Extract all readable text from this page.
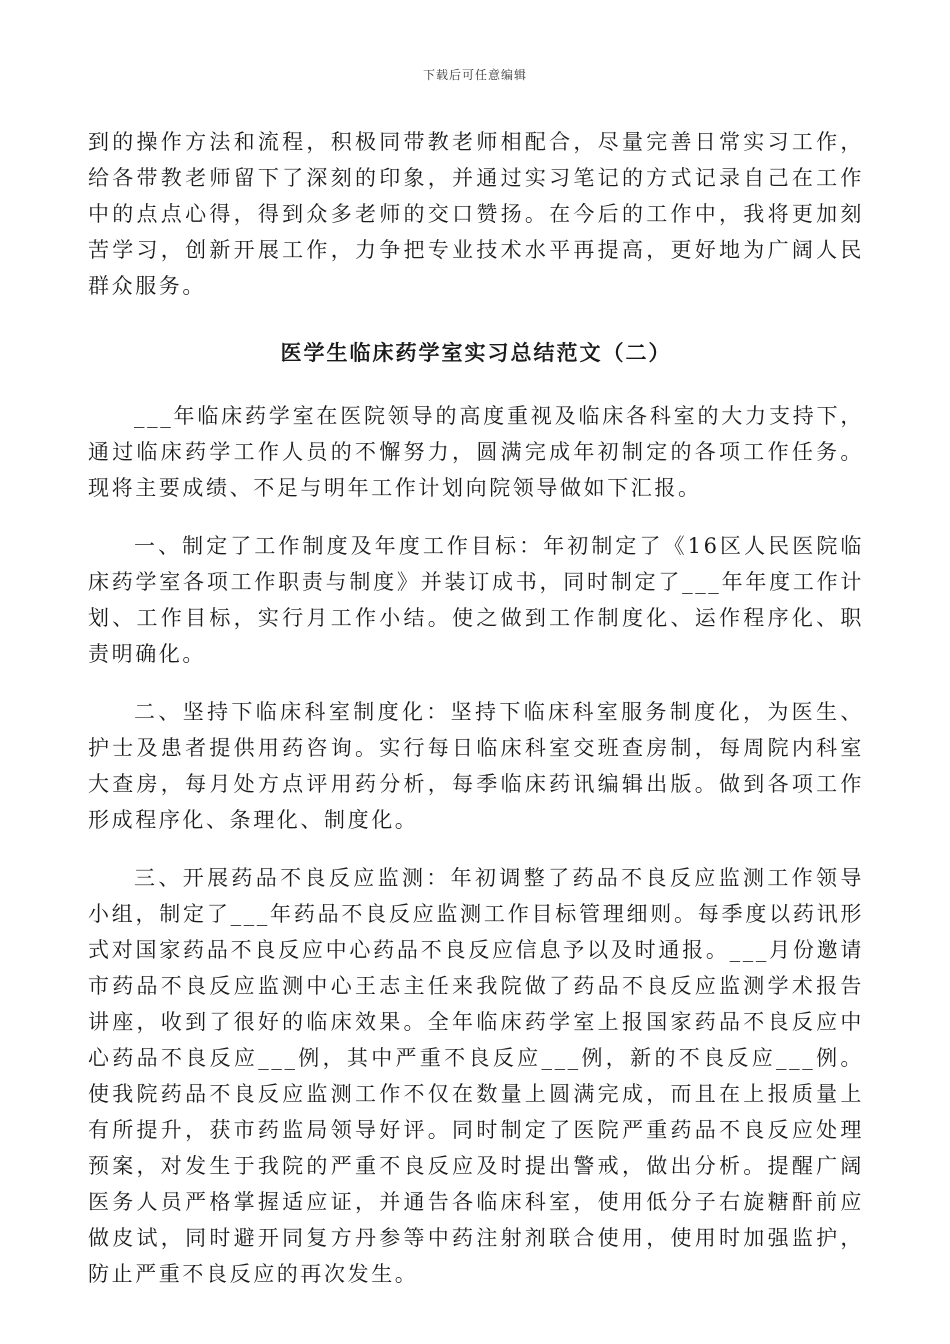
下载后可任意编辑

到的操作方法和流程，积极同带教老师相配合，尽量完善日常实习工作，给各带教老师留下了深刻的印象，并通过实习笔记的方式记录自己在工作中的点点心得，得到众多老师的交口赞扬。在今后的工作中，我将更加刻苦学习，创新开展工作，力争把专业技术水平再提高，更好地为广阔人民群众服务。

医学生临床药学室实习总结范文（二）

___年临床药学室在医院领导的高度重视及临床各科室的大力支持下，通过临床药学工作人员的不懈努力，圆满完成年初制定的各项工作任务。现将主要成绩、不足与明年工作计划向院领导做如下汇报。

一、制定了工作制度及年度工作目标：年初制定了《16区人民医院临床药学室各项工作职责与制度》并装订成书，同时制定了___年年度工作计划、工作目标，实行月工作小结。使之做到工作制度化、运作程序化、职责明确化。

二、坚持下临床科室制度化：坚持下临床科室服务制度化，为医生、护士及患者提供用药咨询。实行每日临床科室交班查房制，每周院内科室大查房，每月处方点评用药分析，每季临床药讯编辑出版。做到各项工作形成程序化、条理化、制度化。

三、开展药品不良反应监测：年初调整了药品不良反应监测工作领导小组，制定了___年药品不良反应监测工作目标管理细则。每季度以药讯形式对国家药品不良反应中心药品不良反应信息予以及时通报。___月份邀请市药品不良反应监测中心王志主任来我院做了药品不良反应监测学术报告讲座，收到了很好的临床效果。全年临床药学室上报国家药品不良反应中心药品不良反应___例，其中严重不良反应___例，新的不良反应___例。使我院药品不良反应监测工作不仅在数量上圆满完成，而且在上报质量上有所提升，获市药监局领导好评。同时制定了医院严重药品不良反应处理预案，对发生于我院的严重不良反应及时提出警戒，做出分析。提醒广阔医务人员严格掌握适应证，并通告各临床科室，使用低分子右旋糖酐前应做皮试，同时避开同复方丹参等中药注射剂联合使用，使用时加强监护，防止严重不良反应的再次发生。
